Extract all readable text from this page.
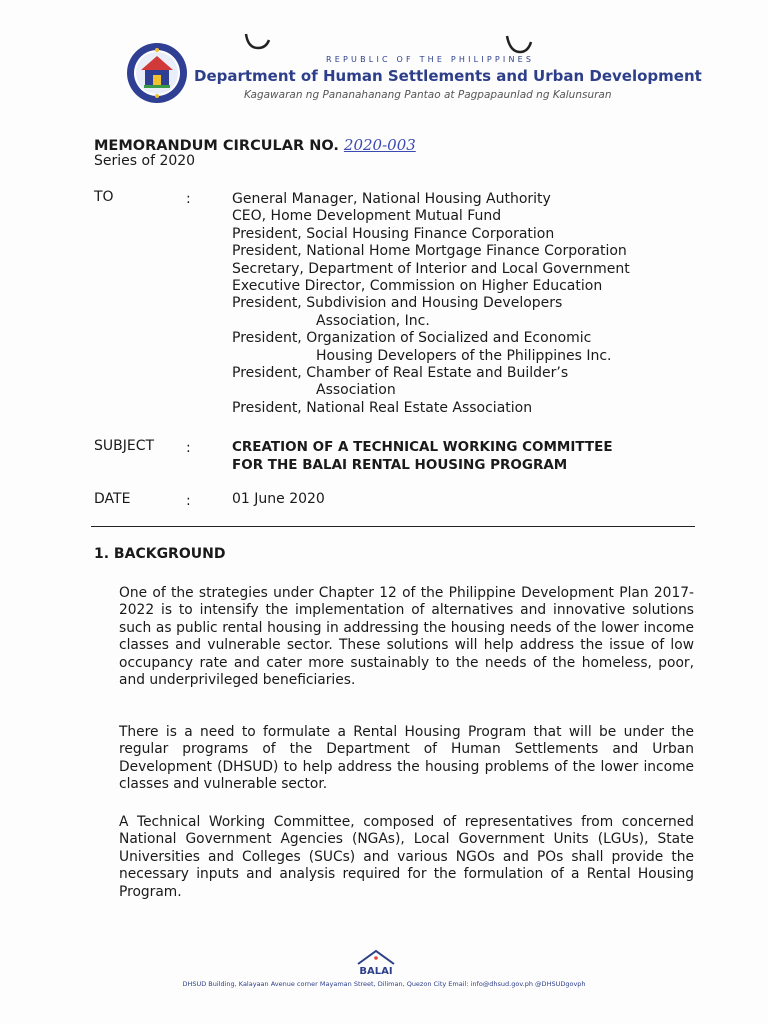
REPUBLIC OF THE PHILIPPINES
Department of Human Settlements and Urban Development
Kagawaran ng Pananahanang Pantao at Pagpapaunlad ng Kalunsuran
MEMORANDUM CIRCULAR NO. 2020-003
Series of 2020
TO	:	General Manager, National Housing Authority
CEO, Home Development Mutual Fund
President, Social Housing Finance Corporation
President, National Home Mortgage Finance Corporation
Secretary, Department of Interior and Local Government
Executive Director, Commission on Higher Education
President, Subdivision and Housing Developers
Association, Inc.
President, Organization of Socialized and Economic
Housing Developers of the Philippines Inc.
President, Chamber of Real Estate and Builder’s
Association
President, National Real Estate Association
SUBJECT :	CREATION OF A TECHNICAL WORKING COMMITTEE
FOR THE BALAI RENTAL HOUSING PROGRAM
DATE	:	01 June 2020
1. BACKGROUND
One of the strategies under Chapter 12 of the Philippine Development Plan 2017-2022 is to intensify the implementation of alternatives and innovative solutions such as public rental housing in addressing the housing needs of the lower income classes and vulnerable sector. These solutions will help address the issue of low occupancy rate and cater more sustainably to the needs of the homeless, poor, and underprivileged beneficiaries.
There is a need to formulate a Rental Housing Program that will be under the regular programs of the Department of Human Settlements and Urban Development (DHSUD) to help address the housing problems of the lower income classes and vulnerable sector.
A Technical Working Committee, composed of representatives from concerned National Government Agencies (NGAs), Local Government Units (LGUs), State Universities and Colleges (SUCs) and various NGOs and POs shall provide the necessary inputs and analysis required for the formulation of a Rental Housing Program.
BALAI
DHSUD Building, Kalayaan Avenue corner Mayaman Street, Diliman, Quezon City Email: info@dhsud.gov.ph @DHSUDgovph
